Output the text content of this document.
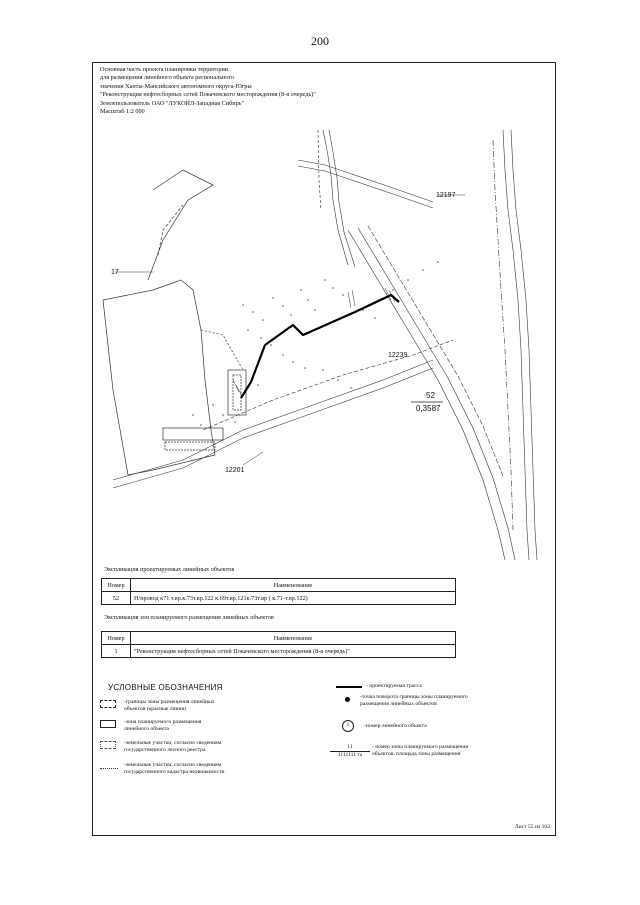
200
Основная часть проекта планировки территории
для размещения линейного объекта регионального
значения Ханты-Мансийского автономного округа-Югры
"Реконструкция нефтесборных сетей Покачевского месторождения (8-я очередь)"
Землепользователь ОАО "ЛУКОЙЛ-Западная Сибирь"
Масштаб 1:2 000
12197
17
12239
12201
52
0,3587
Экспликация проектируемых линейных объектов
Номер	Наименование
52	Н/провод к71 т.вр.к.73т.вр.122 к.69т.вр.121к.73т.вр ( к.71-т.вр.122)
Экспликация зон планируемого размещения линейных объектов
Номер	Наименование
1	"Реконструкция нефтесборных сетей Покачевского месторождения (8-я очередь)"
УСЛОВНЫЕ ОБОЗНАЧЕНИЯ
-границы зоны размещения линейных
объектов (красные линии)
-зона планируемого размещения
линейного объекта
-земельные участки, согласно сведениям
государственного лесного реестра
-земельные участки, согласно сведениям
государственного кадастра недвижимости
- проектируемая трасса
-точка поворота границы зоны планируемого
размещения линейных объектов
1	-номер линейного объекта
11
1111111 га
- номер зоны планируемого размещения
объектов, площадь зоны размещения
Лист 55 из 102
